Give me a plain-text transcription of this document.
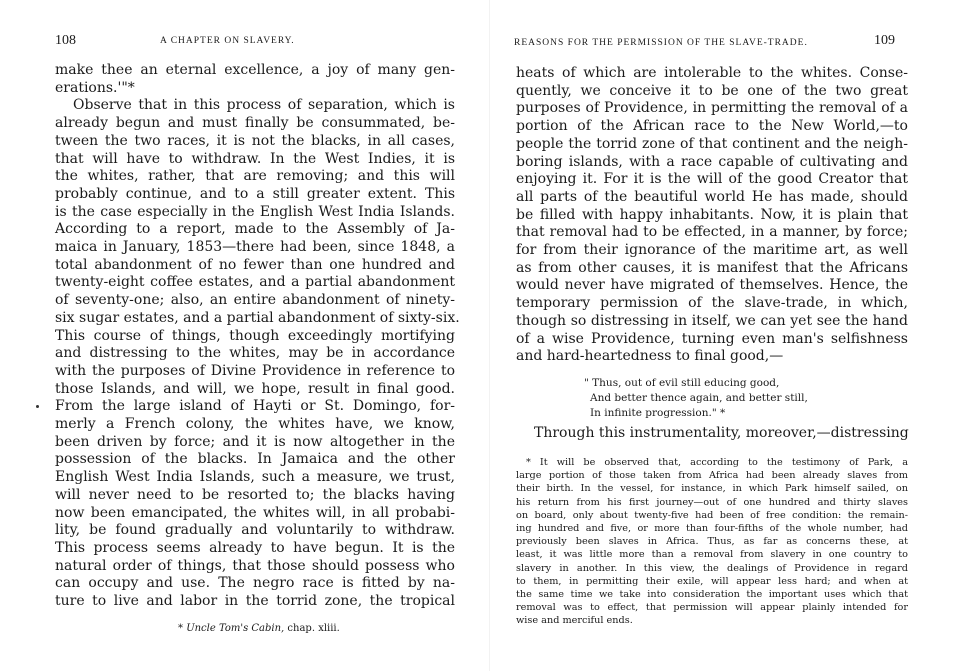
108	A CHAPTER ON SLAVERY.
make thee an eternal excellence, a joy of many gen-
erations.'"*
Observe that in this process of separation, which is
already begun and must finally be consummated, be-
tween the two races, it is not the blacks, in all cases,
that will have to withdraw. In the West Indies, it is
the whites, rather, that are removing; and this will
probably continue, and to a still greater extent. This
is the case especially in the English West India Islands.
According to a report, made to the Assembly of Ja-
maica in January, 1853—there had been, since 1848, a
total abandonment of no fewer than one hundred and
twenty-eight coffee estates, and a partial abandonment
of seventy-one; also, an entire abandonment of ninety-
six sugar estates, and a partial abandonment of sixty-six.
This course of things, though exceedingly mortifying
and distressing to the whites, may be in accordance
with the purposes of Divine Providence in reference to
those Islands, and will, we hope, result in final good.
From the large island of Hayti or St. Domingo, for-
merly a French colony, the whites have, we know,
been driven by force; and it is now altogether in the
possession of the blacks. In Jamaica and the other
English West India Islands, such a measure, we trust,
will never need to be resorted to; the blacks having
now been emancipated, the whites will, in all probabi-
lity, be found gradually and voluntarily to withdraw.
This process seems already to have begun. It is the
natural order of things, that those should possess who
can occupy and use. The negro race is fitted by na-
ture to live and labor in the torrid zone, the tropical
* Uncle Tom's Cabin, chap. xliii.
REASONS FOR THE PERMISSION OF THE SLAVE-TRADE.	109
heats of which are intolerable to the whites. Conse-
quently, we conceive it to be one of the two great
purposes of Providence, in permitting the removal of a
portion of the African race to the New World,—to
people the torrid zone of that continent and the neigh-
boring islands, with a race capable of cultivating and
enjoying it. For it is the will of the good Creator that
all parts of the beautiful world He has made, should
be filled with happy inhabitants. Now, it is plain that
that removal had to be effected, in a manner, by force;
for from their ignorance of the maritime art, as well
as from other causes, it is manifest that the Africans
would never have migrated of themselves. Hence, the
temporary permission of the slave-trade, in which,
though so distressing in itself, we can yet see the hand
of a wise Providence, turning even man's selfishness
and hard-heartedness to final good,—
" Thus, out of evil still educing good,
And better thence again, and better still,
In infinite progression." *
Through this instrumentality, moreover,—distressing
* It will be observed that, according to the testimony of Park, a
large portion of those taken from Africa had been already slaves from
their birth. In the vessel, for instance, in which Park himself sailed, on
his return from his first journey—out of one hundred and thirty slaves
on board, only about twenty-five had been of free condition: the remain-
ing hundred and five, or more than four-fifths of the whole number, had
previously been slaves in Africa. Thus, as far as concerns these, at
least, it was little more than a removal from slavery in one country to
slavery in another. In this view, the dealings of Providence in regard
to them, in permitting their exile, will appear less hard; and when at
the same time we take into consideration the important uses which that
removal was to effect, that permission will appear plainly intended for
wise and merciful ends.
